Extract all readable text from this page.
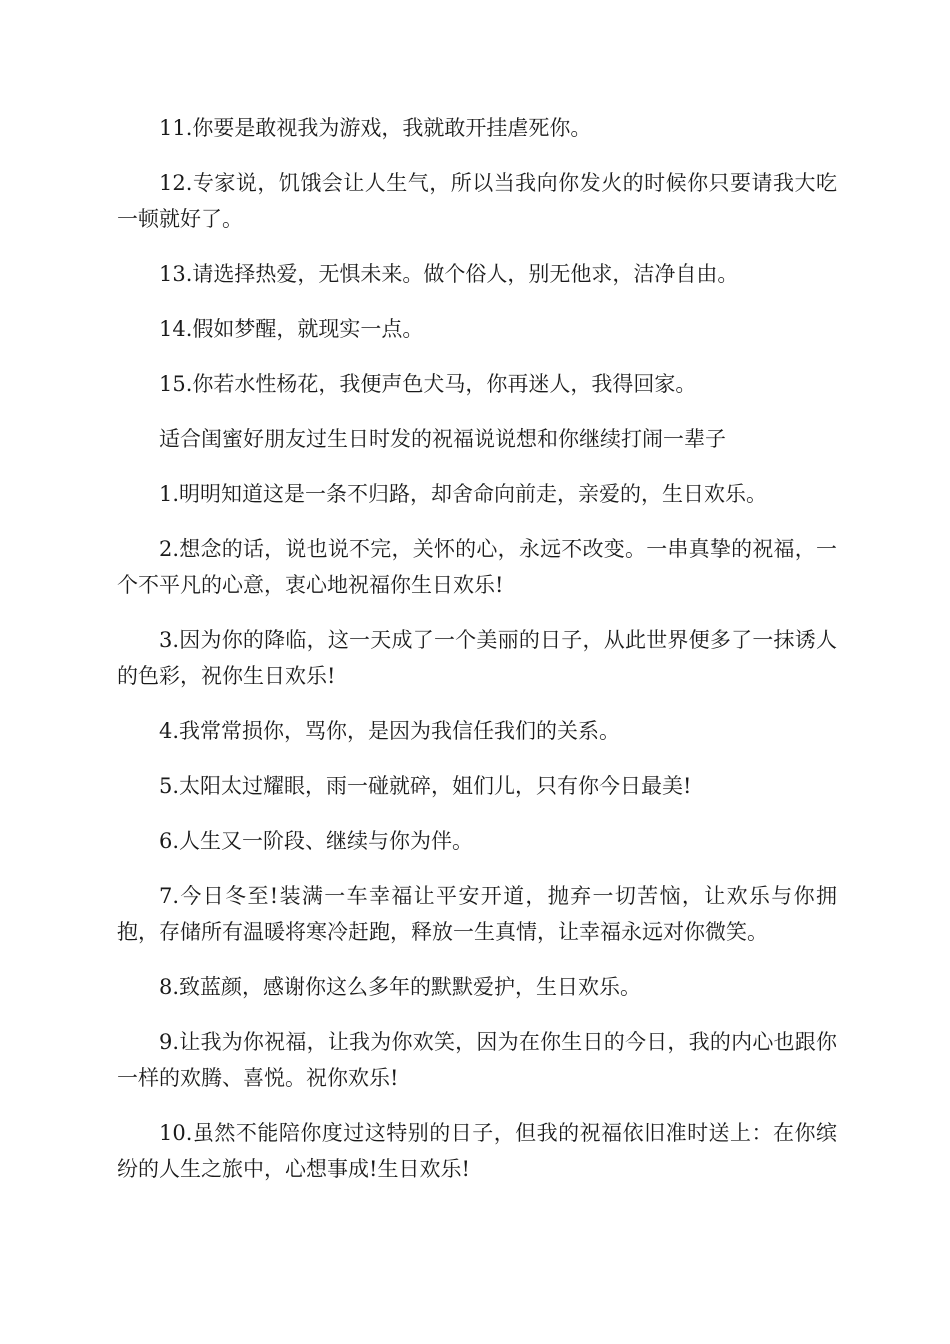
11.你要是敢视我为游戏，我就敢开挂虐死你。

12.专家说，饥饿会让人生气，所以当我向你发火的时候你只要请我大吃一顿就好了。

13.请选择热爱，无惧未来。做个俗人，别无他求，洁净自由。

14.假如梦醒，就现实一点。

15.你若水性杨花，我便声色犬马，你再迷人，我得回家。

适合闺蜜好朋友过生日时发的祝福说说想和你继续打闹一辈子

1.明明知道这是一条不归路，却舍命向前走，亲爱的，生日欢乐。

2.想念的话，说也说不完，关怀的心，永远不改变。一串真挚的祝福，一个不平凡的心意，衷心地祝福你生日欢乐!

3.因为你的降临，这一天成了一个美丽的日子，从此世界便多了一抹诱人的色彩，祝你生日欢乐!

4.我常常损你，骂你，是因为我信任我们的关系。

5.太阳太过耀眼，雨一碰就碎，姐们儿，只有你今日最美!

6.人生又一阶段、继续与你为伴。

7.今日冬至!装满一车幸福让平安开道，抛弃一切苦恼，让欢乐与你拥抱，存储所有温暖将寒冷赶跑，释放一生真情，让幸福永远对你微笑。

8.致蓝颜，感谢你这么多年的默默爱护，生日欢乐。

9.让我为你祝福，让我为你欢笑，因为在你生日的今日，我的内心也跟你一样的欢腾、喜悦。祝你欢乐!

10.虽然不能陪你度过这特别的日子，但我的祝福依旧准时送上：在你缤纷的人生之旅中，心想事成!生日欢乐!
